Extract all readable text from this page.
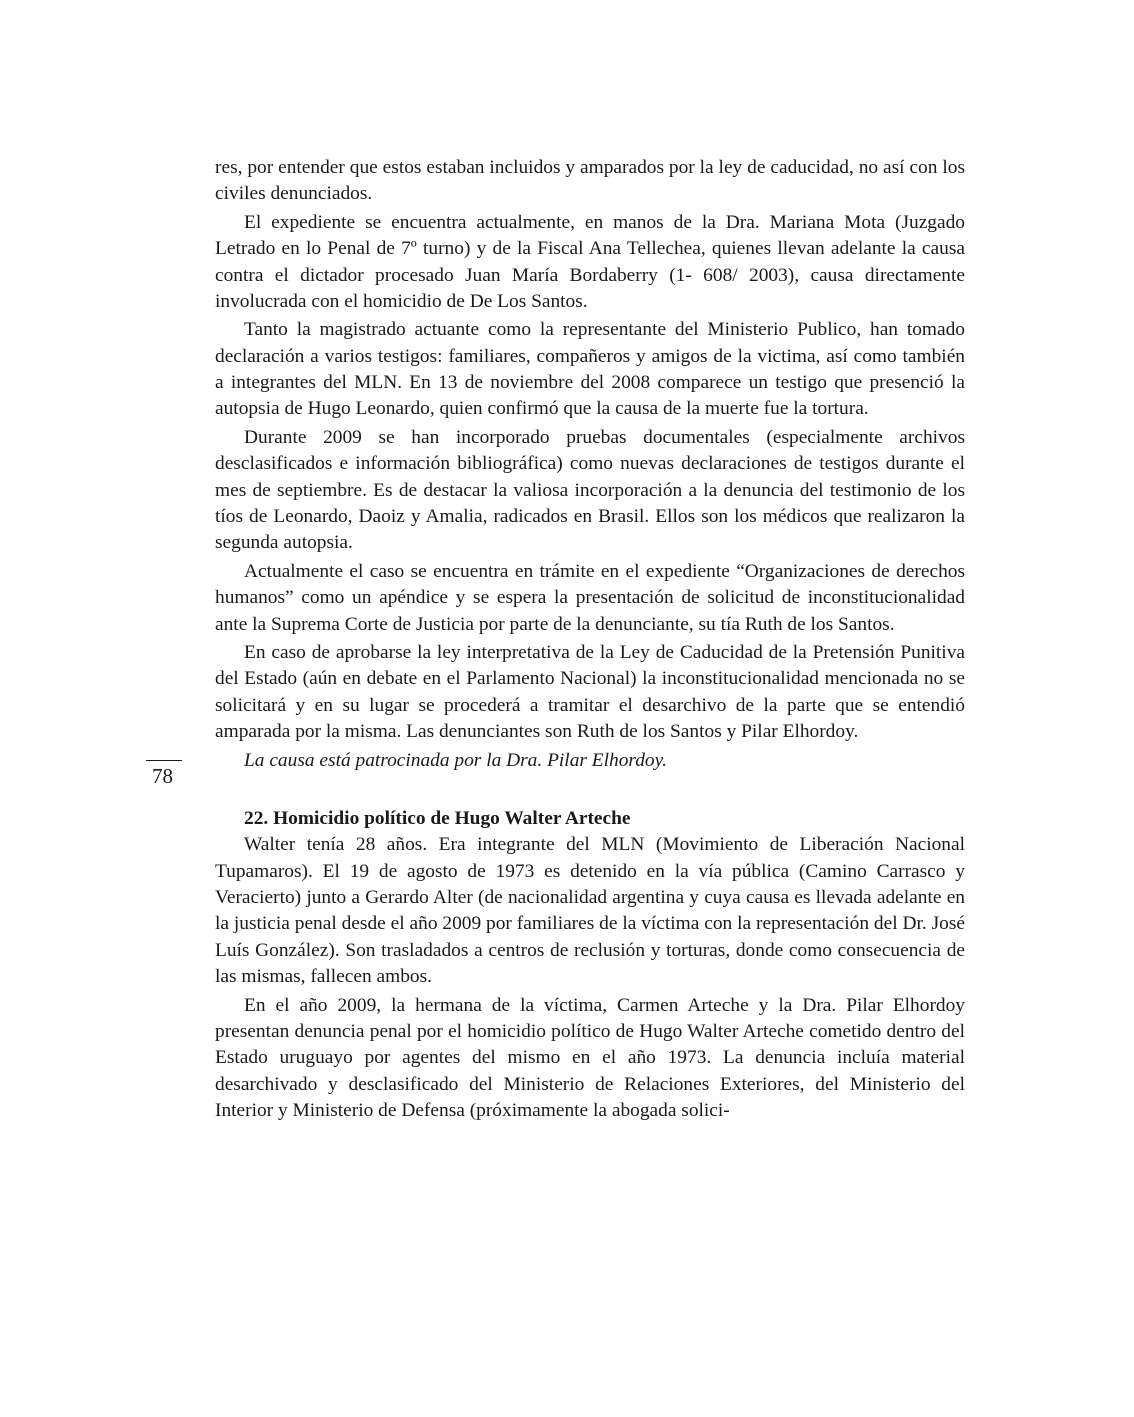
78

res, por entender que estos estaban incluidos y amparados por la ley de caducidad, no así con los civiles denunciados.

El expediente se encuentra actualmente, en manos de la Dra. Mariana Mota (Juzgado Letrado en lo Penal de 7º turno) y de la Fiscal Ana Tellechea, quienes llevan adelante la causa contra el dictador procesado Juan María Bordaberry (1- 608/ 2003), causa directamente involucrada con el homicidio de De Los Santos.

Tanto la magistrado actuante como la representante del Ministerio Publico, han tomado declaración a varios testigos: familiares, compañeros y amigos de la victima, así como también a integrantes del MLN. En 13 de noviembre del 2008 comparece un testigo que presenció la autopsia de Hugo Leonardo, quien confirmó que la causa de la muerte fue la tortura.

Durante 2009 se han incorporado pruebas documentales (especialmente archivos desclasificados e información bibliográfica) como nuevas declaraciones de testigos durante el mes de septiembre. Es de destacar la valiosa incorporación a la denuncia del testimonio de los tíos de Leonardo, Daoiz y Amalia, radicados en Brasil. Ellos son los médicos que realizaron la segunda autopsia.

Actualmente el caso se encuentra en trámite en el expediente “Organizaciones de derechos humanos” como un apéndice y se espera la presentación de solicitud de inconstitucionalidad ante la Suprema Corte de Justicia por parte de la denunciante, su tía Ruth de los Santos.

En caso de aprobarse la ley interpretativa de la Ley de Caducidad de la Pretensión Punitiva del Estado (aún en debate en el Parlamento Nacional) la inconstitucionalidad mencionada no se solicitará y en su lugar se procederá a tramitar el desarchivo de la parte que se entendió amparada por la misma. Las denunciantes son Ruth de los Santos y Pilar Elhordoy.

La causa está patrocinada por la Dra. Pilar Elhordoy.

22. Homicidio político de Hugo Walter Arteche

Walter tenía 28 años. Era integrante del MLN (Movimiento de Liberación Nacional Tupamaros). El 19 de agosto de 1973 es detenido en la vía pública (Camino Carrasco y Veracierto) junto a Gerardo Alter (de nacionalidad argentina y cuya causa es llevada adelante en la justicia penal desde el año 2009 por familiares de la víctima con la representación del Dr. José Luís González). Son trasladados a centros de reclusión y torturas, donde como consecuencia de las mismas, fallecen ambos.

En el año 2009, la hermana de la víctima, Carmen Arteche y la Dra. Pilar Elhordoy presentan denuncia penal por el homicidio político de Hugo Walter Arteche cometido dentro del Estado uruguayo por agentes del mismo en el año 1973. La denuncia incluía material desarchivado y desclasificado del Ministerio de Relaciones Exteriores, del Ministerio del Interior y Ministerio de Defensa (próximamente la abogada solici-
